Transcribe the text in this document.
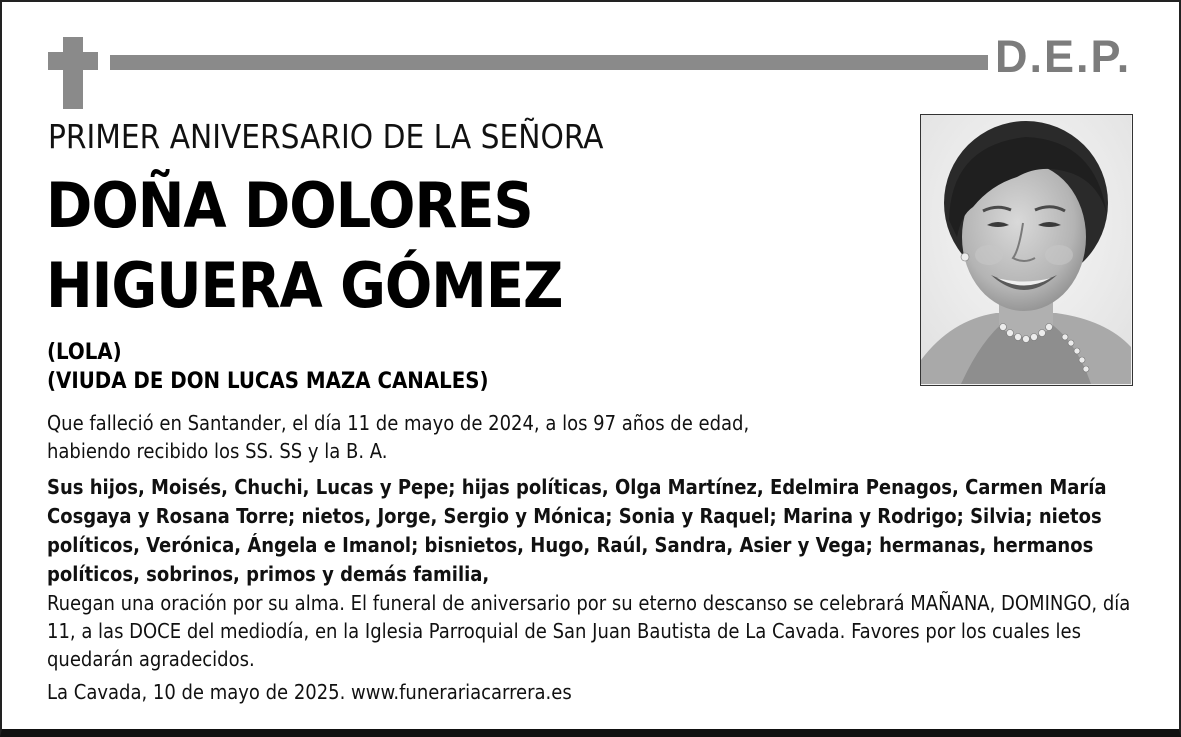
D.E.P.
PRIMER ANIVERSARIO DE LA SEÑORA
DOÑA DOLORES
HIGUERA GÓMEZ
(LOLA)
(VIUDA DE DON LUCAS MAZA CANALES)
Que falleció en Santander, el día 11 de mayo de 2024, a los 97 años de edad, habiendo recibido los SS. SS y la B. A.
Sus hijos, Moisés, Chuchi, Lucas y Pepe; hijas políticas, Olga Martínez, Edelmira Penagos, Carmen María Cosgaya y Rosana Torre; nietos, Jorge, Sergio y Mónica; Sonia y Raquel; Marina y Rodrigo; Silvia; nietos políticos, Verónica, Ángela e Imanol; bisnietos, Hugo, Raúl, Sandra, Asier y Vega; hermanas, hermanos políticos, sobrinos, primos y demás familia,
Ruegan una oración por su alma. El funeral de aniversario por su eterno descanso se celebrará MAÑANA, DOMINGO, día 11, a las DOCE del mediodía, en la Iglesia Parroquial de San Juan Bautista de La Cavada. Favores por los cuales les quedarán agradecidos.
La Cavada, 10 de mayo de 2025. www.funerariacarrera.es
